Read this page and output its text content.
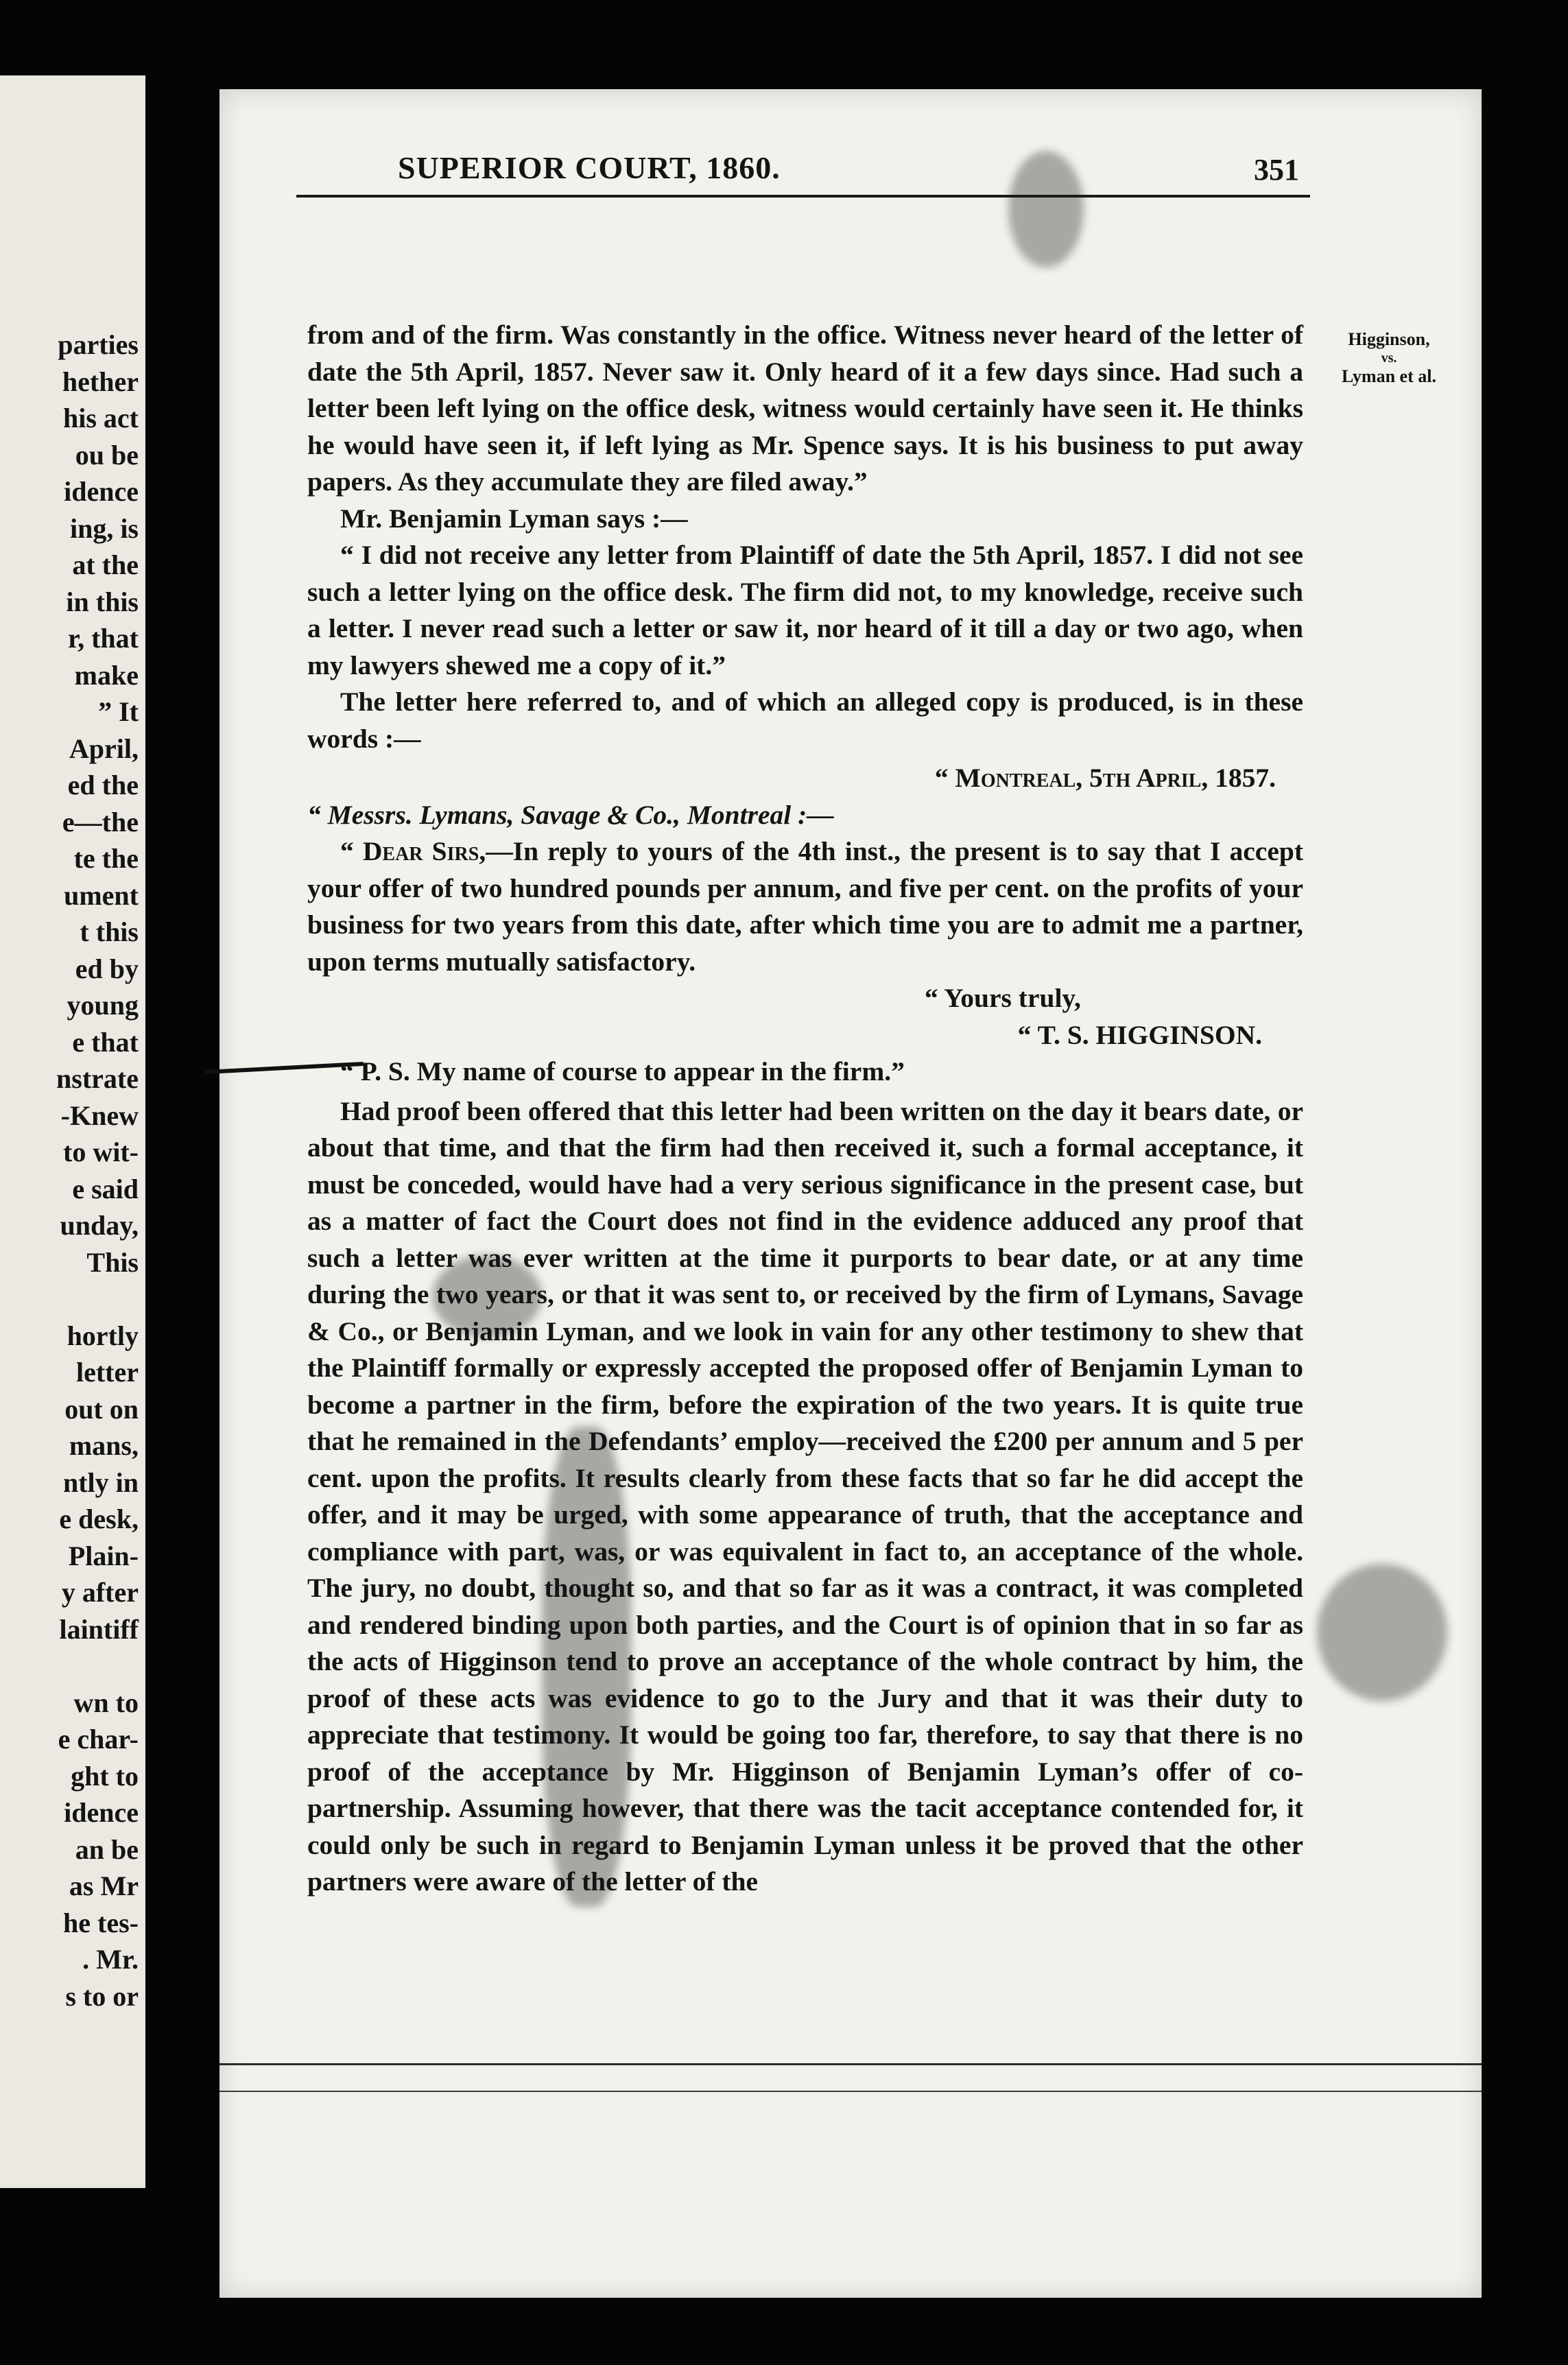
parties
hether
his act
ou be
idence
ing, is
at the
in this
r, that
make
” It
April,
ed the
e—the
te the
ument
t this
ed by
young
e that
nstrate
-Knew
to wit-
e said
unday,
This
hortly
letter
out on
mans,
ntly in
e desk,
Plain-
y after
laintiff
wn to
e char-
ght to
idence
an be
as Mr
he tes-
. Mr.
s to or
SUPERIOR COURT, 1860.	351
Higginson,
vs.
Lyman et al.

from and of the firm. Was constantly in the office. Witness never heard of the letter of date the 5th April, 1857. Never saw it. Only heard of it a few days since. Had such a letter been left lying on the office desk, witness would certainly have seen it. He thinks he would have seen it, if left lying as Mr. Spence says. It is his business to put away papers. As they accumulate they are filed away.”

Mr. Benjamin Lyman says :—

“ I did not receive any letter from Plaintiff of date the 5th April, 1857. I did not see such a letter lying on the office desk. The firm did not, to my knowledge, receive such a letter. I never read such a letter or saw it, nor heard of it till a day or two ago, when my lawyers shewed me a copy of it.”

The letter here referred to, and of which an alleged copy is produced, is in these words :—

“ Montreal, 5th April, 1857.

“ Messrs. Lymans, Savage & Co., Montreal :—

“ Dear Sirs,—In reply to yours of the 4th inst., the present is to say that I accept your offer of two hundred pounds per annum, and five per cent. on the profits of your business for two years from this date, after which time you are to admit me a partner, upon terms mutually satisfactory.

“ Yours truly,

“ T. S. HIGGINSON.

“ P. S. My name of course to appear in the firm.”

Had proof been offered that this letter had been written on the day it bears date, or about that time, and that the firm had then received it, such a formal acceptance, it must be conceded, would have had a very serious significance in the present case, but as a matter of fact the Court does not find in the evidence adduced any proof that such a letter was ever written at the time it purports to bear date, or at any time during the two years, or that it was sent to, or received by the firm of Lymans, Savage & Co., or Benjamin Lyman, and we look in vain for any other testimony to shew that the Plaintiff formally or expressly accepted the proposed offer of Benjamin Lyman to become a partner in the firm, before the expiration of the two years. It is quite true that he remained in the Defendants’ employ—received the £200 per annum and 5 per cent. upon the profits. It results clearly from these facts that so far he did accept the offer, and it may be urged, with some appearance of truth, that the acceptance and compliance with part, was, or was equivalent in fact to, an acceptance of the whole. The jury, no doubt, thought so, and that so far as it was a contract, it was completed and rendered binding upon both parties, and the Court is of opinion that in so far as the acts of Higginson tend to prove an acceptance of the whole contract by him, the proof of these acts was evidence to go to the Jury and that it was their duty to appreciate that testimony. It would be going too far, therefore, to say that there is no proof of the acceptance by Mr. Higginson of Benjamin Lyman’s offer of co-partnership. Assuming however, that there was the tacit acceptance contended for, it could only be such in regard to Benjamin Lyman unless it be proved that the other partners were aware of the letter of the
